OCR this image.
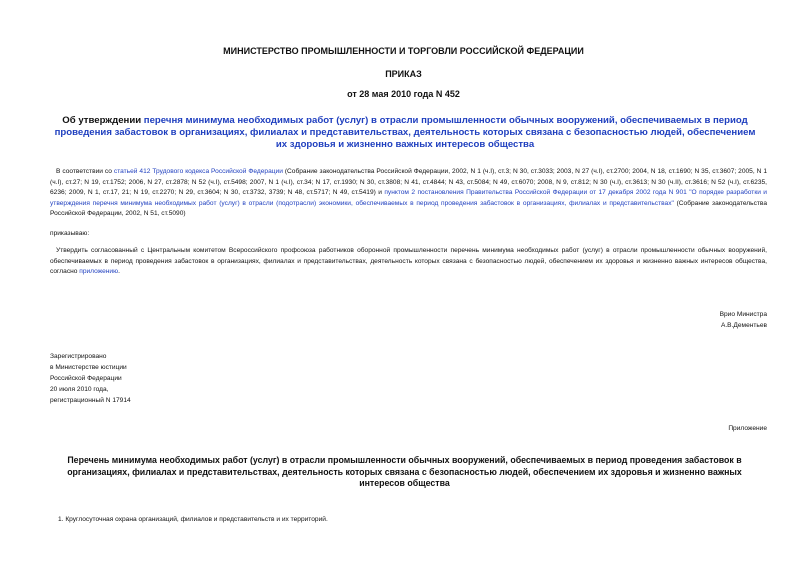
МИНИСТЕРСТВО ПРОМЫШЛЕННОСТИ И ТОРГОВЛИ РОССИЙСКОЙ ФЕДЕРАЦИИ
ПРИКАЗ
от 28 мая 2010 года N 452
Об утверждении перечня минимума необходимых работ (услуг) в отрасли промышленности обычных вооружений, обеспечиваемых в период проведения забастовок в организациях, филиалах и представительствах, деятельность которых связана с безопасностью людей, обеспечением их здоровья и жизненно важных интересов общества
В соответствии со статьей 412 Трудового кодекса Российской Федерации (Собрание законодательства Российской Федерации, 2002, N 1 (ч.I), ст.3; N 30, ст.3033; 2003, N 27 (ч.I), ст.2700; 2004, N 18, ст.1690; N 35, ст.3607; 2005, N 1 (ч.I), ст.27; N 19, ст.1752; 2006, N 27, ст.2878; N 52 (ч.I), ст.5498; 2007, N 1 (ч.I), ст.34; N 17, ст.1930; N 30, ст.3808; N 41, ст.4844; N 43, ст.5084; N 49, ст.6070; 2008, N 9, ст.812; N 30 (ч.I), ст.3613; N 30 (ч.II), ст.3616; N 52 (ч.I), ст.6235, 6236; 2009, N 1, ст.17, 21; N 19, ст.2270; N 29, ст.3604; N 30, ст.3732, 3739; N 48, ст.5717; N 49, ст.5419) и пунктом 2 постановления Правительства Российской Федерации от 17 декабря 2002 года N 901 "О порядке разработки и утверждения перечня минимума необходимых работ (услуг) в отрасли (подотрасли) экономики, обеспечиваемых в период проведения забастовок в организациях, филиалах и представительствах" (Собрание законодательства Российской Федерации, 2002, N 51, ст.5090)
приказываю:
Утвердить согласованный с Центральным комитетом Всероссийского профсоюза работников оборонной промышленности перечень минимума необходимых работ (услуг) в отрасли промышленности обычных вооружений, обеспечиваемых в период проведения забастовок в организациях, филиалах и представительствах, деятельность которых связана с безопасностью людей, обеспечением их здоровья и жизненно важных интересов общества, согласно приложению.
Врио Министра
А.В.Дементьев
Зарегистрировано
в Министерстве юстиции
Российской Федерации
20 июля 2010 года,
регистрационный N 17914
Приложение
Перечень минимума необходимых работ (услуг) в отрасли промышленности обычных вооружений, обеспечиваемых в период проведения забастовок в организациях, филиалах и представительствах, деятельность которых связана с безопасностью людей, обеспечением их здоровья и жизненно важных интересов общества
1. Круглосуточная охрана организаций, филиалов и представительств и их территорий.
